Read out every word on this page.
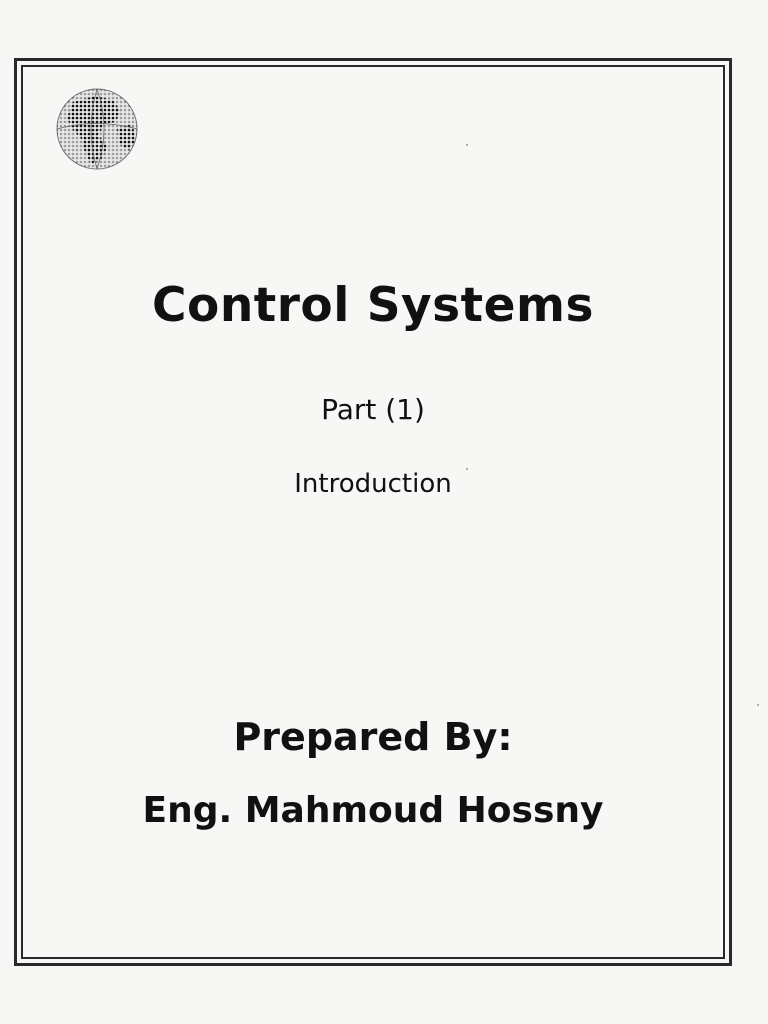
Control Systems
Part (1)
Introduction
Prepared By:
Eng. Mahmoud Hossny
